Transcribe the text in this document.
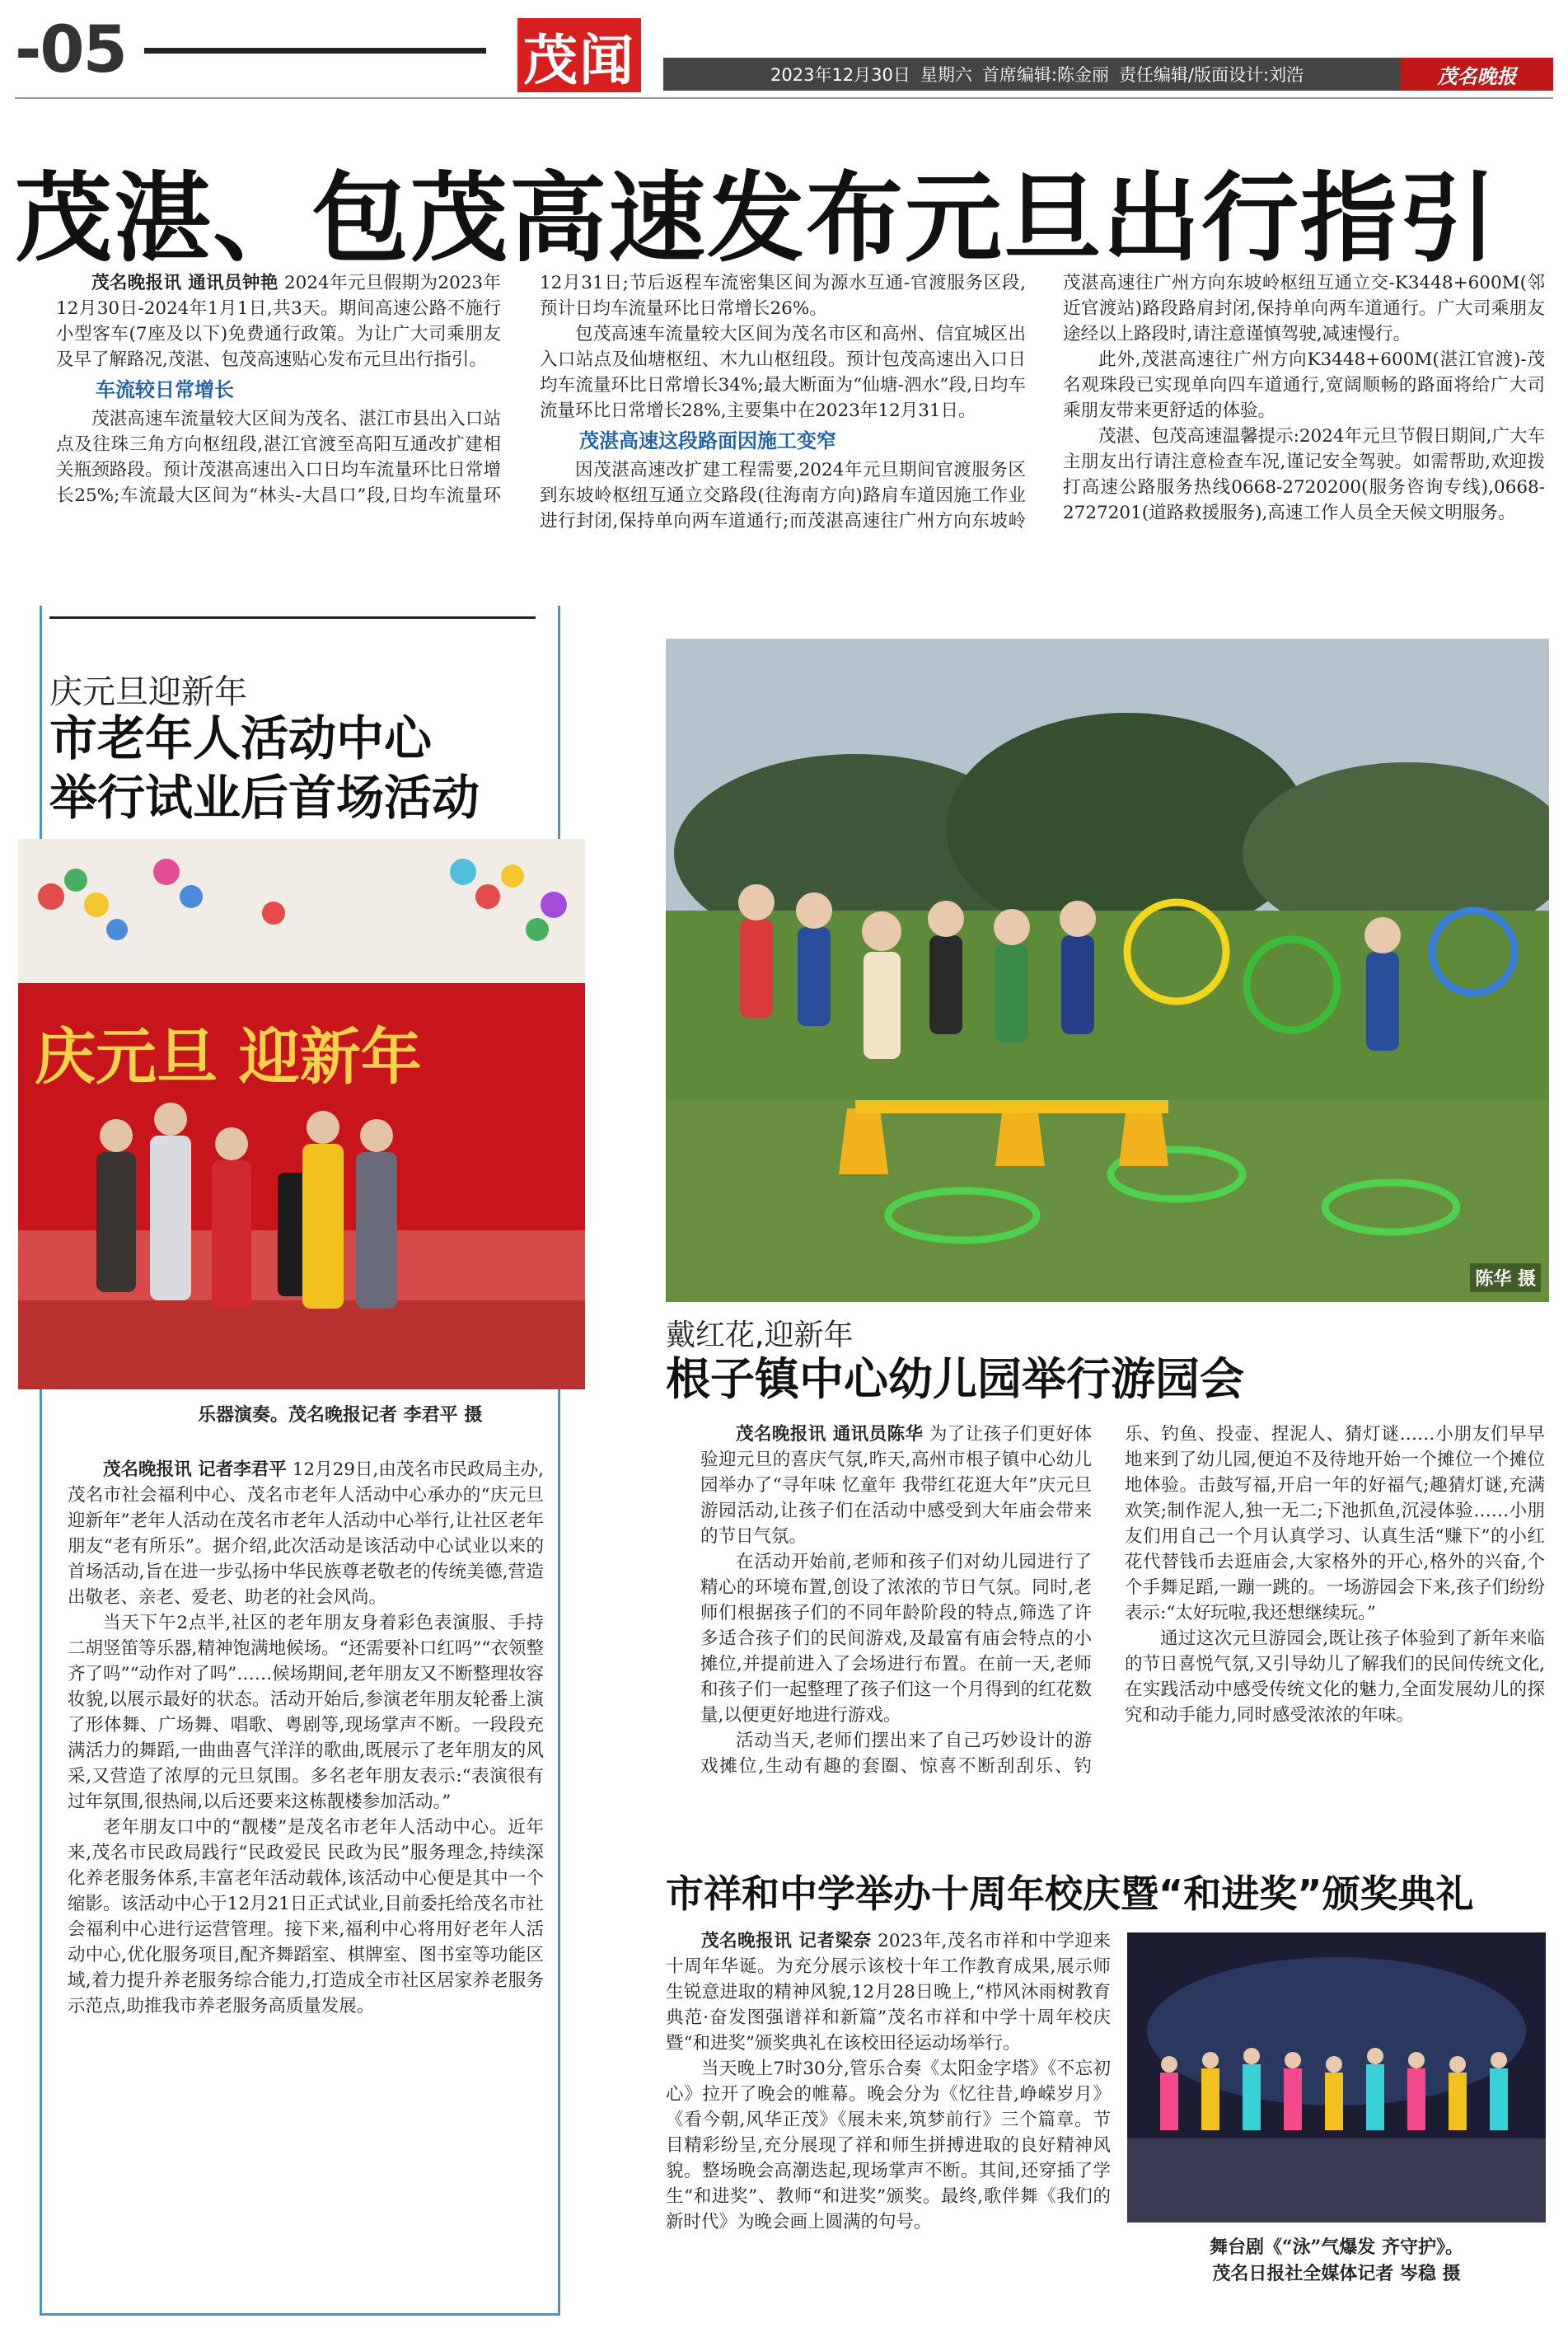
-05	茂闻	2023年12月30日 星期六 首席编辑:陈金丽 责任编辑/版面设计:刘浩	茂名晚报
茂湛、包茂高速发布元旦出行指引

茂名晚报讯 通讯员钟艳 2024年元旦假期为2023年12月30日-2024年1月1日,共3天。期间高速公路不施行小型客车(7座及以下)免费通行政策。为让广大司乘朋友及早了解路况,茂湛、包茂高速贴心发布元旦出行指引。

车流较日常增长

茂湛高速车流量较大区间为茂名、湛江市县出入口站点及往珠三角方向枢纽段,湛江官渡至高阳互通改扩建相关瓶颈路段。预计茂湛高速出入口日均车流量环比日常增长25%;车流最大区间为“林头-大昌口”段,日均车流量环

12月31日;节后返程车流密集区间为源水互通-官渡服务区段,预计日均车流量环比日常增长26%。

包茂高速车流量较大区间为茂名市区和高州、信宜城区出入口站点及仙塘枢纽、木九山枢纽段。预计包茂高速出入口日均车流量环比日常增长34%;最大断面为“仙塘-泗水”段,日均车流量环比日常增长28%,主要集中在2023年12月31日。

茂湛高速这段路面因施工变窄

因茂湛高速改扩建工程需要,2024年元旦期间官渡服务区到东坡岭枢纽互通立交路段(往海南方向)路肩车道因施工作业进行封闭,保持单向两车道通行;而茂湛高速往广州方向东坡岭

茂湛高速往广州方向东坡岭枢纽互通立交-K3448+600M(邻近官渡站)路段路肩封闭,保持单向两车道通行。广大司乘朋友途经以上路段时,请注意谨慎驾驶,减速慢行。

此外,茂湛高速往广州方向K3448+600M(湛江官渡)-茂名观珠段已实现单向四车道通行,宽阔顺畅的路面将给广大司乘朋友带来更舒适的体验。

茂湛、包茂高速温馨提示:2024年元旦节假日期间,广大车主朋友出行请注意检查车况,谨记安全驾驶。如需帮助,欢迎拨打高速公路服务热线0668-2720200(服务咨询专线),0668-2727201(道路救援服务),高速工作人员全天候文明服务。

庆元旦迎新年
市老年人活动中心
举行试业后首场活动
庆元旦 迎新年
乐器演奏。茂名晚报记者 李君平 摄

茂名晚报讯 记者李君平 12月29日,由茂名市民政局主办,茂名市社会福利中心、茂名市老年人活动中心承办的“庆元旦迎新年”老年人活动在茂名市老年人活动中心举行,让社区老年朋友“老有所乐”。据介绍,此次活动是该活动中心试业以来的首场活动,旨在进一步弘扬中华民族尊老敬老的传统美德,营造出敬老、亲老、爱老、助老的社会风尚。

当天下午2点半,社区的老年朋友身着彩色表演服、手持二胡竖笛等乐器,精神饱满地候场。“还需要补口红吗”“衣领整齐了吗”“动作对了吗”……候场期间,老年朋友又不断整理妆容妆貌,以展示最好的状态。活动开始后,参演老年朋友轮番上演了形体舞、广场舞、唱歌、粤剧等,现场掌声不断。一段段充满活力的舞蹈,一曲曲喜气洋洋的歌曲,既展示了老年朋友的风采,又营造了浓厚的元旦氛围。多名老年朋友表示:“表演很有过年氛围,很热闹,以后还要来这栋靓楼参加活动。”

老年朋友口中的“靓楼”是茂名市老年人活动中心。近年来,茂名市民政局践行“民政爱民 民政为民”服务理念,持续深化养老服务体系,丰富老年活动载体,该活动中心便是其中一个缩影。该活动中心于12月21日正式试业,目前委托给茂名市社会福利中心进行运营管理。接下来,福利中心将用好老年人活动中心,优化服务项目,配齐舞蹈室、棋牌室、图书室等功能区域,着力提升养老服务综合能力,打造成全市社区居家养老服务示范点,助推我市养老服务高质量发展。

陈华 摄
戴红花,迎新年
根子镇中心幼儿园举行游园会

茂名晚报讯 通讯员陈华 为了让孩子们更好体验迎元旦的喜庆气氛,昨天,高州市根子镇中心幼儿园举办了“寻年味 忆童年 我带红花逛大年”庆元旦游园活动,让孩子们在活动中感受到大年庙会带来的节日气氛。

在活动开始前,老师和孩子们对幼儿园进行了精心的环境布置,创设了浓浓的节日气氛。同时,老师们根据孩子们的不同年龄阶段的特点,筛选了许多适合孩子们的民间游戏,及最富有庙会特点的小摊位,并提前进入了会场进行布置。在前一天,老师和孩子们一起整理了孩子们这一个月得到的红花数量,以便更好地进行游戏。

活动当天,老师们摆出来了自己巧妙设计的游戏摊位,生动有趣的套圈、惊喜不断刮刮乐、钓

乐、钓鱼、投壶、捏泥人、猜灯谜……小朋友们早早地来到了幼儿园,便迫不及待地开始一个摊位一个摊位地体验。击鼓写福,开启一年的好福气;趣猜灯谜,充满欢笑;制作泥人,独一无二;下池抓鱼,沉浸体验……小朋友们用自己一个月认真学习、认真生活“赚下”的小红花代替钱币去逛庙会,大家格外的开心,格外的兴奋,个个手舞足蹈,一蹦一跳的。一场游园会下来,孩子们纷纷表示:“太好玩啦,我还想继续玩。”

通过这次元旦游园会,既让孩子体验到了新年来临的节日喜悦气氛,又引导幼儿了解我们的民间传统文化,在实践活动中感受传统文化的魅力,全面发展幼儿的探究和动手能力,同时感受浓浓的年味。

市祥和中学举办十周年校庆暨“和进奖”颁奖典礼

茂名晚报讯 记者梁奈 2023年,茂名市祥和中学迎来十周年华诞。为充分展示该校十年工作教育成果,展示师生锐意进取的精神风貌,12月28日晚上,“栉风沐雨树教育典范·奋发图强谱祥和新篇”茂名市祥和中学十周年校庆暨“和进奖”颁奖典礼在该校田径运动场举行。

当天晚上7时30分,管乐合奏《太阳金字塔》《不忘初心》拉开了晚会的帷幕。晚会分为《忆往昔,峥嵘岁月》《看今朝,风华正茂》《展未来,筑梦前行》三个篇章。节目精彩纷呈,充分展现了祥和师生拼搏进取的良好精神风貌。整场晚会高潮迭起,现场掌声不断。其间,还穿插了学生“和进奖”、教师“和进奖”颁奖。最终,歌伴舞《我们的新时代》为晚会画上圆满的句号。

舞台剧《“泳”气爆发 齐守护》。
茂名日报社全媒体记者 岑稳 摄
